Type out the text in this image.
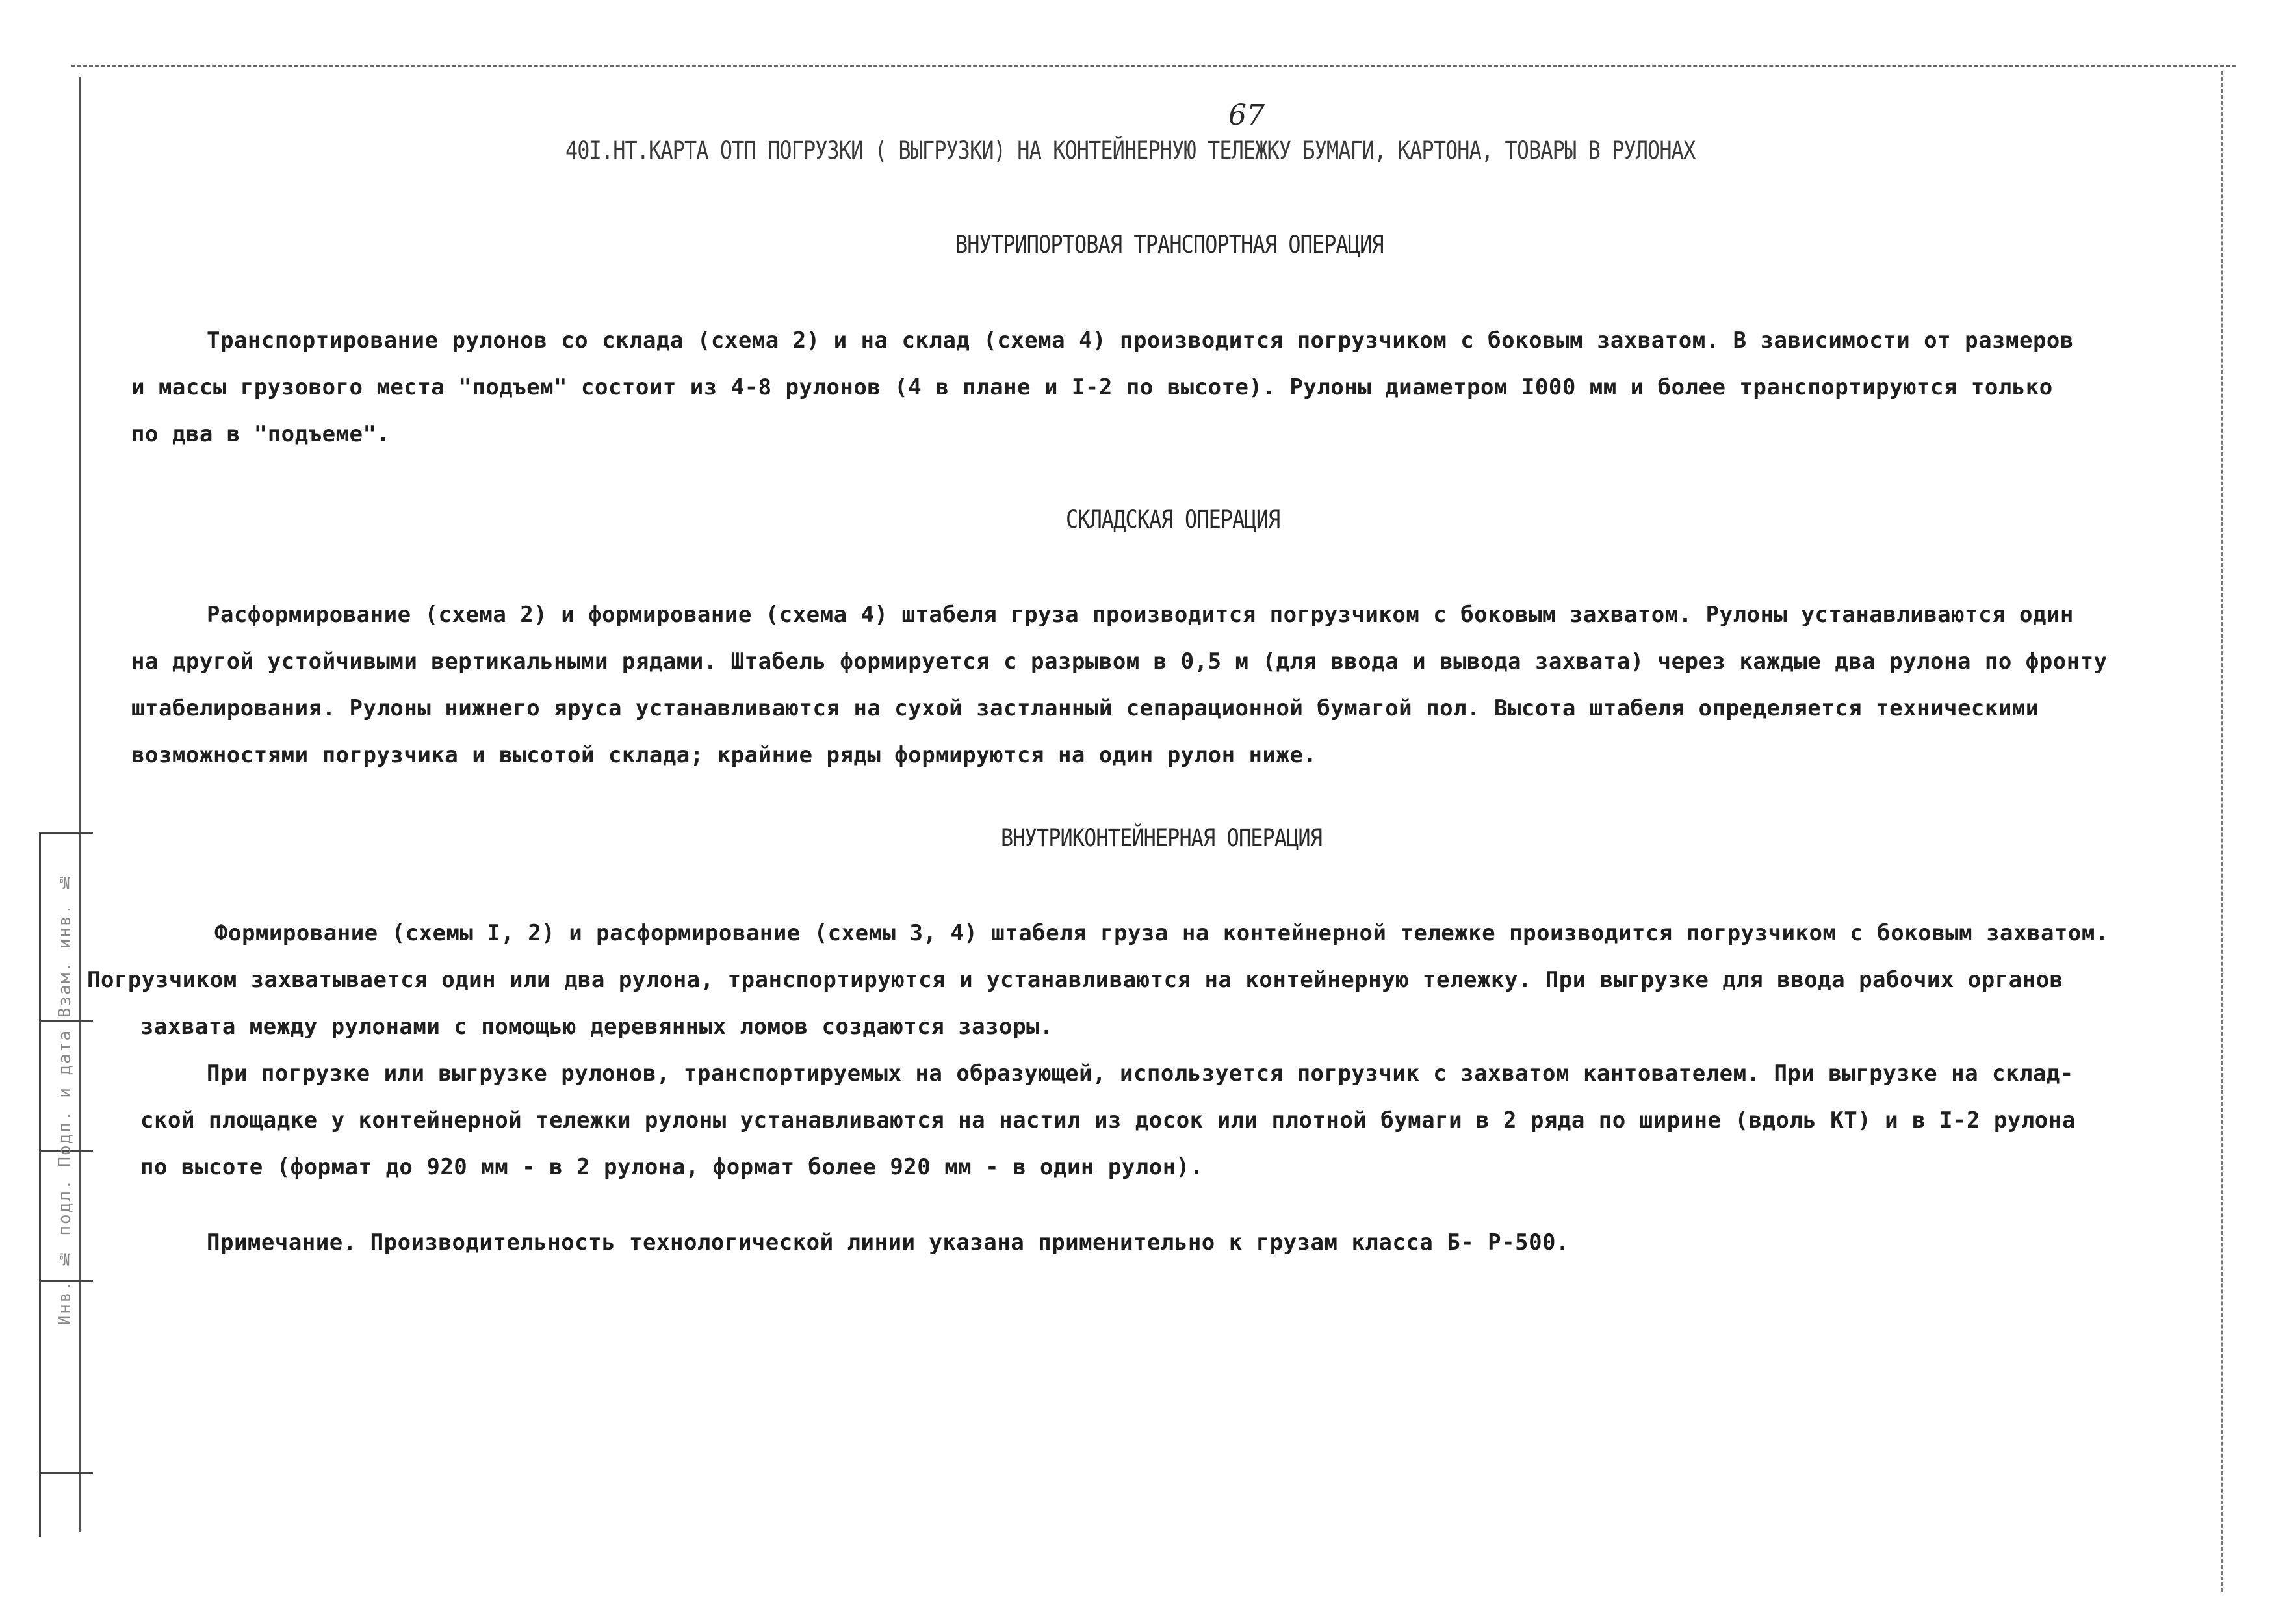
Инв. № подл. Подп. и дата Взам. инв. №
67
40I.НТ.КАРТА ОТП ПОГРУЗКИ ( ВЫГРУЗКИ) НА КОНТЕЙНЕРНУЮ ТЕЛЕЖКУ БУМАГИ, КАРТОНА, ТОВАРЫ В РУЛОНАХ
ВНУТРИПОРТОВАЯ ТРАНСПОРТНАЯ ОПЕРАЦИЯ
Транспортирование рулонов со склада (схема 2) и на склад (схема 4) производится погрузчиком с боковым захватом. В зависимости от размеров
и массы грузового места "подъем" состоит из 4-8 рулонов (4 в плане и I-2 по высоте). Рулоны диаметром I000 мм и более транспортируются только
по два в "подъеме".
СКЛАДСКАЯ ОПЕРАЦИЯ
Расформирование (схема 2) и формирование (схема 4) штабеля груза производится погрузчиком с боковым захватом. Рулоны устанавливаются один
на другой устойчивыми вертикальными рядами. Штабель формируется с разрывом в 0,5 м (для ввода и вывода захвата) через каждые два рулона по фронту
штабелирования. Рулоны нижнего яруса устанавливаются на сухой застланный сепарационной бумагой пол. Высота штабеля определяется техническими
возможностями погрузчика и высотой склада; крайние ряды формируются на один рулон ниже.
ВНУТРИКОНТЕЙНЕРНАЯ ОПЕРАЦИЯ
Формирование (схемы I, 2) и расформирование (схемы 3, 4) штабеля груза на контейнерной тележке производится погрузчиком с боковым захватом.
Погрузчиком захватывается один или два рулона, транспортируются и устанавливаются на контейнерную тележку. При выгрузке для ввода рабочих органов
захвата между рулонами с помощью деревянных ломов создаются зазоры.
При погрузке или выгрузке рулонов, транспортируемых на образующей, используется погрузчик с захватом кантователем. При выгрузке на склад-
ской площадке у контейнерной тележки рулоны устанавливаются на настил из досок или плотной бумаги в 2 ряда по ширине (вдоль КТ) и в I-2 рулона
по высоте (формат до 920 мм - в 2 рулона, формат более 920 мм - в один рулон).
Примечание. Производительность технологической линии указана применительно к грузам класса Б- Р-500.
